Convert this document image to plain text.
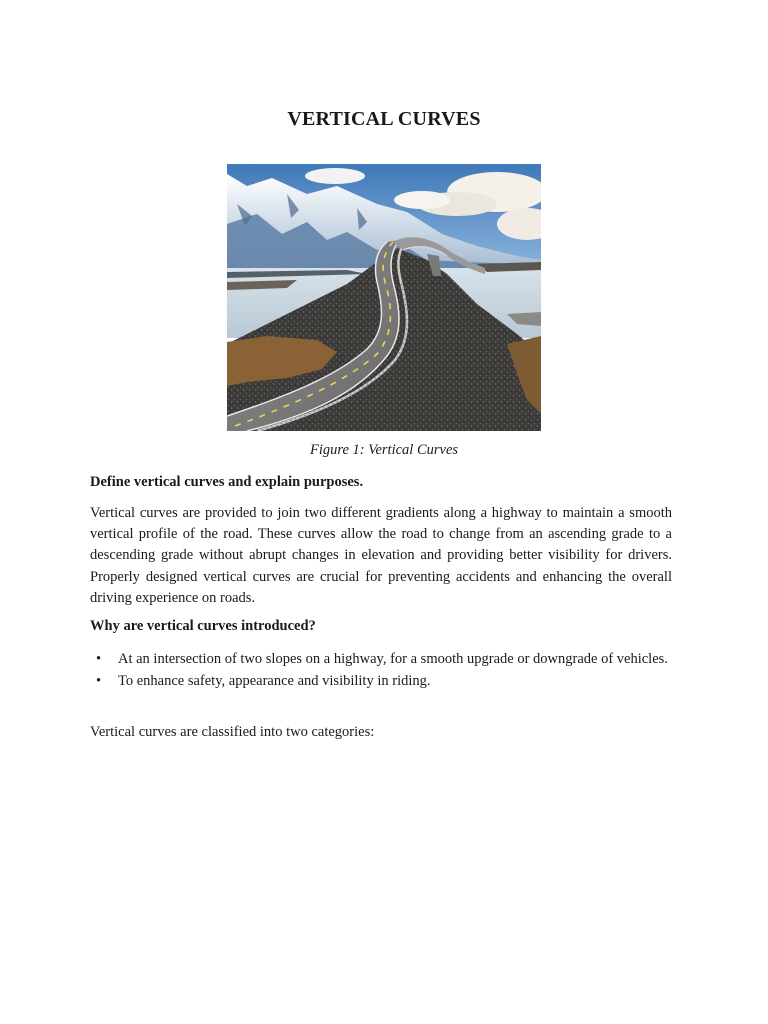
VERTICAL CURVES

Figure 1: Vertical Curves

Define vertical curves and explain purposes.

Vertical curves are provided to join two different gradients along a highway to maintain a smooth vertical profile of the road. These curves allow the road to change from an ascending grade to a descending grade without abrupt changes in elevation and providing better visibility for drivers. Properly designed vertical curves are crucial for preventing accidents and enhancing the overall driving experience on roads.

Why are vertical curves introduced?

• At an intersection of two slopes on a highway, for a smooth upgrade or downgrade of vehicles.
• To enhance safety, appearance and visibility in riding.

Vertical curves are classified into two categories:
